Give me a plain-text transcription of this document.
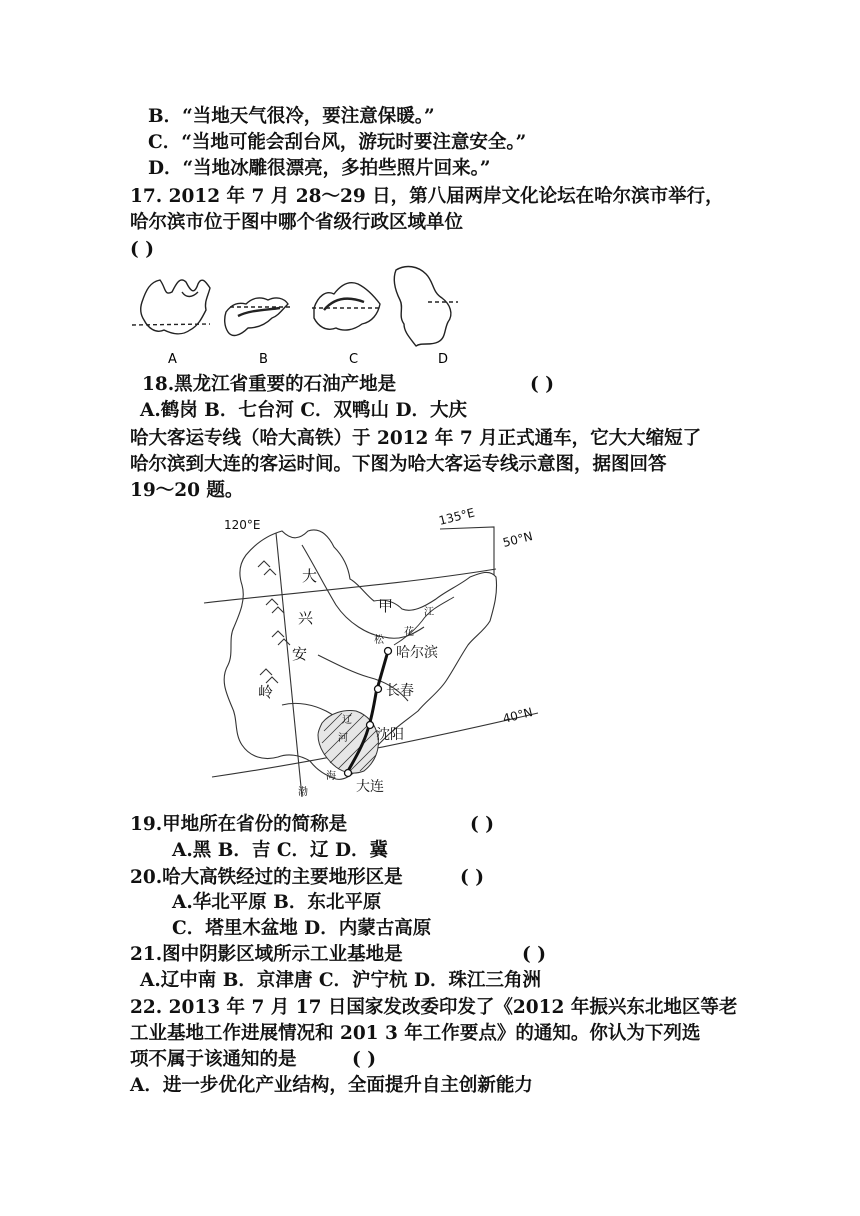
B．“当地天气很冷，要注意保暖。”
C．“当地可能会刮台风，游玩时要注意安全。”
D．“当地冰雕很漂亮，多拍些照片回来。”
17. 2012 年 7 月 28～29 日，第八届两岸文化论坛在哈尔滨市举行，
哈尔滨市位于图中哪个省级行政区域单位
( )
A	B	C	D
18.黑龙江省重要的石油产地是	( )
A.鹤岗 B．七台河 C．双鸭山 D．大庆
哈大客运专线（哈大高铁）于 2012 年 7 月正式通车，它大大缩短了
哈尔滨到大连的客运时间。下图为哈大客运专线示意图，据图回答
19～20 题。
120°E	135°E
50°N
40°N
大
兴
安
岭
甲
松
花
江
哈尔滨
长春
沈阳
辽
河
大连
渤
海
19.甲地所在省份的简称是	( )
A.黑 B．吉 C．辽 D．冀
20.哈大高铁经过的主要地形区是	( )
A.华北平原 B．东北平原
C．塔里木盆地 D．内蒙古高原
21.图中阴影区域所示工业基地是	( )
A.辽中南 B．京津唐 C．沪宁杭 D．珠江三角洲
22. 2013 年 7 月 17 日国家发改委印发了《2012 年振兴东北地区等老
工业基地工作进展情况和 201 3 年工作要点》的通知。你认为下列选
项不属于该通知的是	( )
A．进一步优化产业结构，全面提升自主创新能力
